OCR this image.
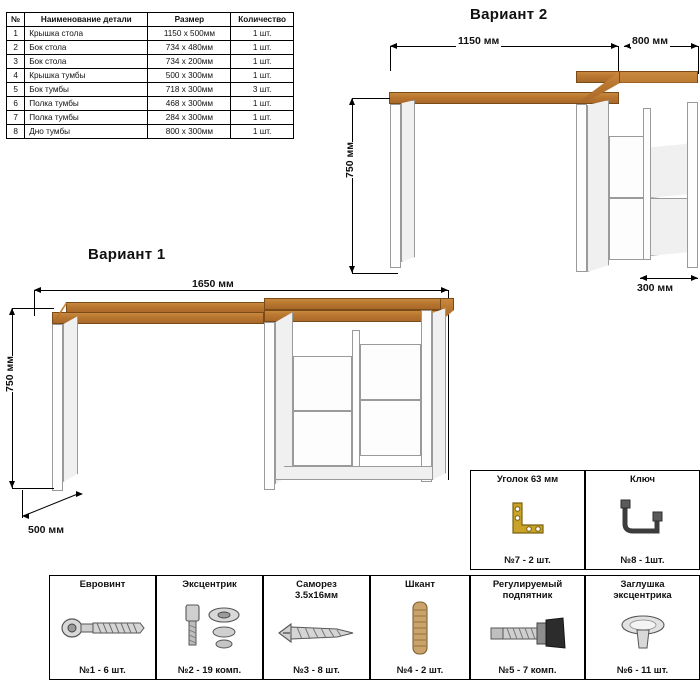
№	Наименование детали	Размер	Количество
1	Крышка стола	1150 x 500мм	1 шт.
2	Бок стола	734 x 480мм	1 шт.
3	Бок стола	734 x 200мм	1 шт.
4	Крышка тумбы	500 x 300мм	1 шт.
5	Бок тумбы	718 x 300мм	3 шт.
6	Полка тумбы	468 x 300мм	1 шт.
7	Полка тумбы	284 x 300мм	1 шт.
8	Дно тумбы	800 x 300мм	1 шт.
Вариант 2
1150 мм	800 мм
750 мм
300 мм
Вариант 1
1650 мм
750 мм
500 мм
Уголок 63 мм
№7 - 2 шт.
Ключ
№8 - 1шт.
Евровинт
№1 - 6 шт.
Эксцентрик
№2 - 19 комп.
Саморез
3.5x16мм
№3 - 8 шт.
Шкант
№4 - 2 шт.
Регулируемый
подпятник
№5 - 7 комп.
Заглушка
эксцентрика
№6 - 11 шт.
